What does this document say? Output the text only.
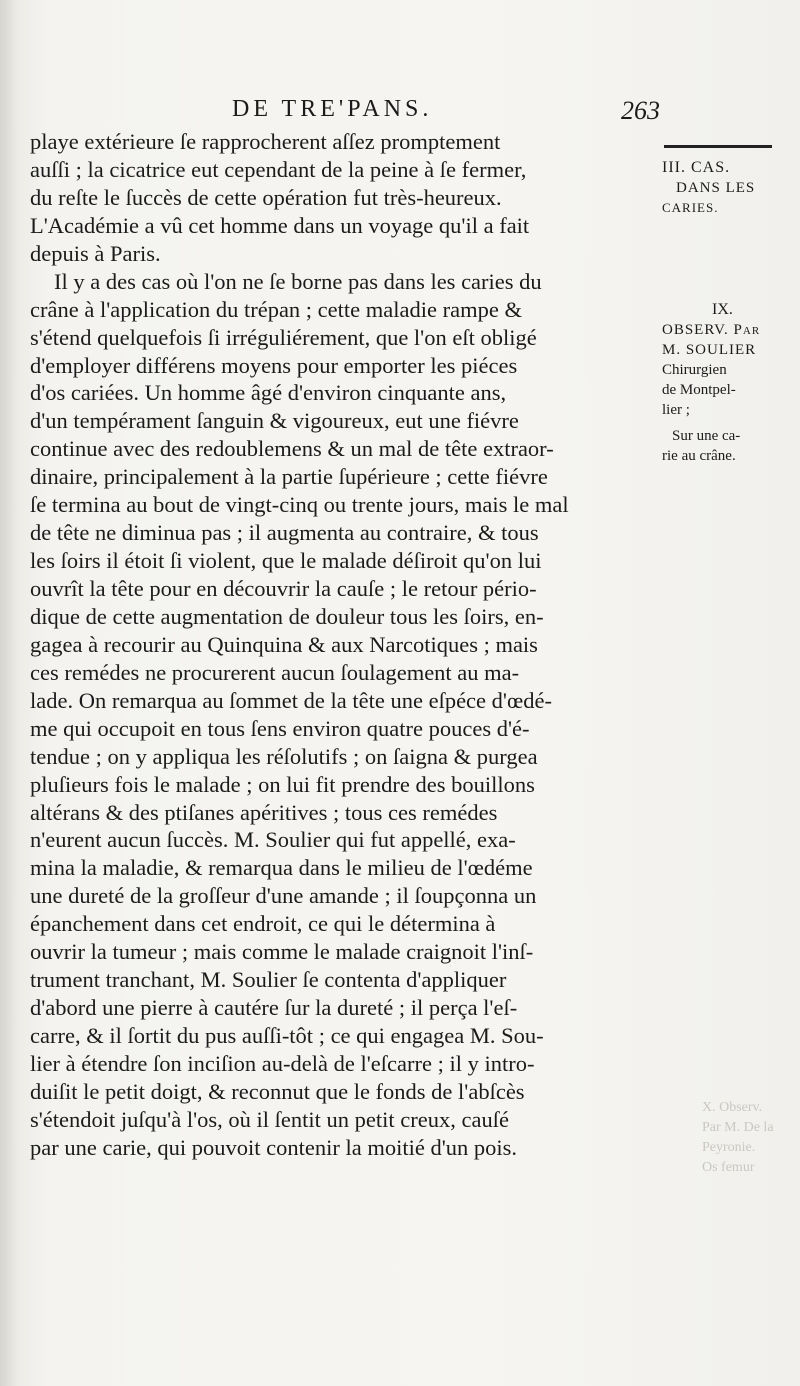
DE TRE'PANS.	263
playe extérieure ſe rapprocherent aſſez promptement
auſſi ; la cicatrice eut cependant de la peine à ſe fermer,
du reſte le ſuccès de cette opération fut très-heureux.
L'Académie a vû cet homme dans un voyage qu'il a fait
depuis à Paris.
Il y a des cas où l'on ne ſe borne pas dans les caries du
crâne à l'application du trépan ; cette maladie rampe &
s'étend quelquefois ſi irréguliérement, que l'on eſt obligé
d'employer différens moyens pour emporter les piéces
d'os cariées. Un homme âgé d'environ cinquante ans,
d'un tempérament ſanguin & vigoureux, eut une fiévre
continue avec des redoublemens & un mal de tête extraor-
dinaire, principalement à la partie ſupérieure ; cette fiévre
ſe termina au bout de vingt-cinq ou trente jours, mais le mal
de tête ne diminua pas ; il augmenta au contraire, & tous
les ſoirs il étoit ſi violent, que le malade déſiroit qu'on lui
ouvrît la tête pour en découvrir la cauſe ; le retour pério-
dique de cette augmentation de douleur tous les ſoirs, en-
gagea à recourir au Quinquina & aux Narcotiques ; mais
ces remédes ne procurerent aucun ſoulagement au ma-
lade. On remarqua au ſommet de la tête une eſpéce d'œdé-
me qui occupoit en tous ſens environ quatre pouces d'é-
tendue ; on y appliqua les réſolutifs ; on ſaigna & purgea
pluſieurs fois le malade ; on lui fit prendre des bouillons
altérans & des ptiſanes apéritives ; tous ces remédes
n'eurent aucun ſuccès. M. Soulier qui fut appellé, exa-
mina la maladie, & remarqua dans le milieu de l'œdéme
une dureté de la groſſeur d'une amande ; il ſoupçonna un
épanchement dans cet endroit, ce qui le détermina à
ouvrir la tumeur ; mais comme le malade craignoit l'inſ-
trument tranchant, M. Soulier ſe contenta d'appliquer
d'abord une pierre à cautére ſur la dureté ; il perça l'eſ-
carre, & il ſortit du pus auſſi-tôt ; ce qui engagea M. Sou-
lier à étendre ſon inciſion au-delà de l'eſcarre ; il y intro-
duiſit le petit doigt, & reconnut que le fonds de l'abſcès
s'étendoit juſqu'à l'os, où il ſentit un petit creux, cauſé
par une carie, qui pouvoit contenir la moitié d'un pois.
III. CAS.
DANS LES
CARIES.
IX.
OBSERV. Par
M. SOULIER
Chirurgien
de Montpel-
lier ;
Sur une ca-
rie au crâne.
X. Observ.
Par M. De la
Peyronie.
Os femur
